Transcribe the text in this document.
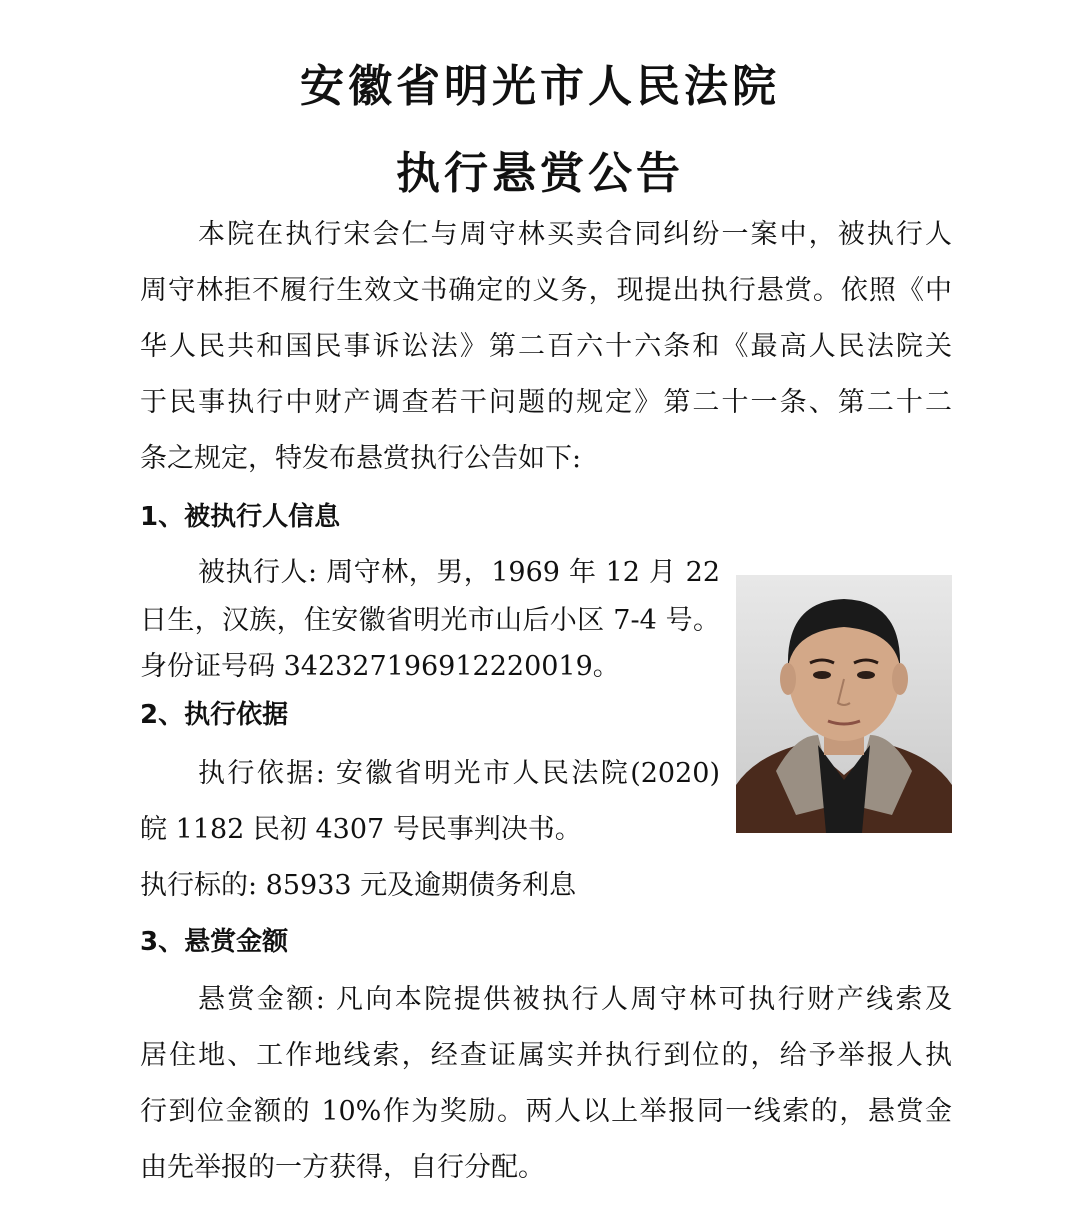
安徽省明光市人民法院
执行悬赏公告

本院在执行宋会仁与周守林买卖合同纠纷一案中，被执行人

周守林拒不履行生效文书确定的义务，现提出执行悬赏。依照《中

华人民共和国民事诉讼法》第二百六十六条和《最高人民法院关

于民事执行中财产调查若干问题的规定》第二十一条、第二十二

条之规定，特发布悬赏执行公告如下:

1、被执行人信息

被执行人: 周守林，男，1969 年 12 月 22

日生，汉族，住安徽省明光市山后小区 7-4 号。

身份证号码 342327196912220019。

2、执行依据

执行依据: 安徽省明光市人民法院(2020)

皖 1182 民初 4307 号民事判决书。

执行标的: 85933 元及逾期债务利息

3、悬赏金额

悬赏金额: 凡向本院提供被执行人周守林可执行财产线索及

居住地、工作地线索，经查证属实并执行到位的，给予举报人执

行到位金额的 10%作为奖励。两人以上举报同一线索的，悬赏金

由先举报的一方获得，自行分配。
